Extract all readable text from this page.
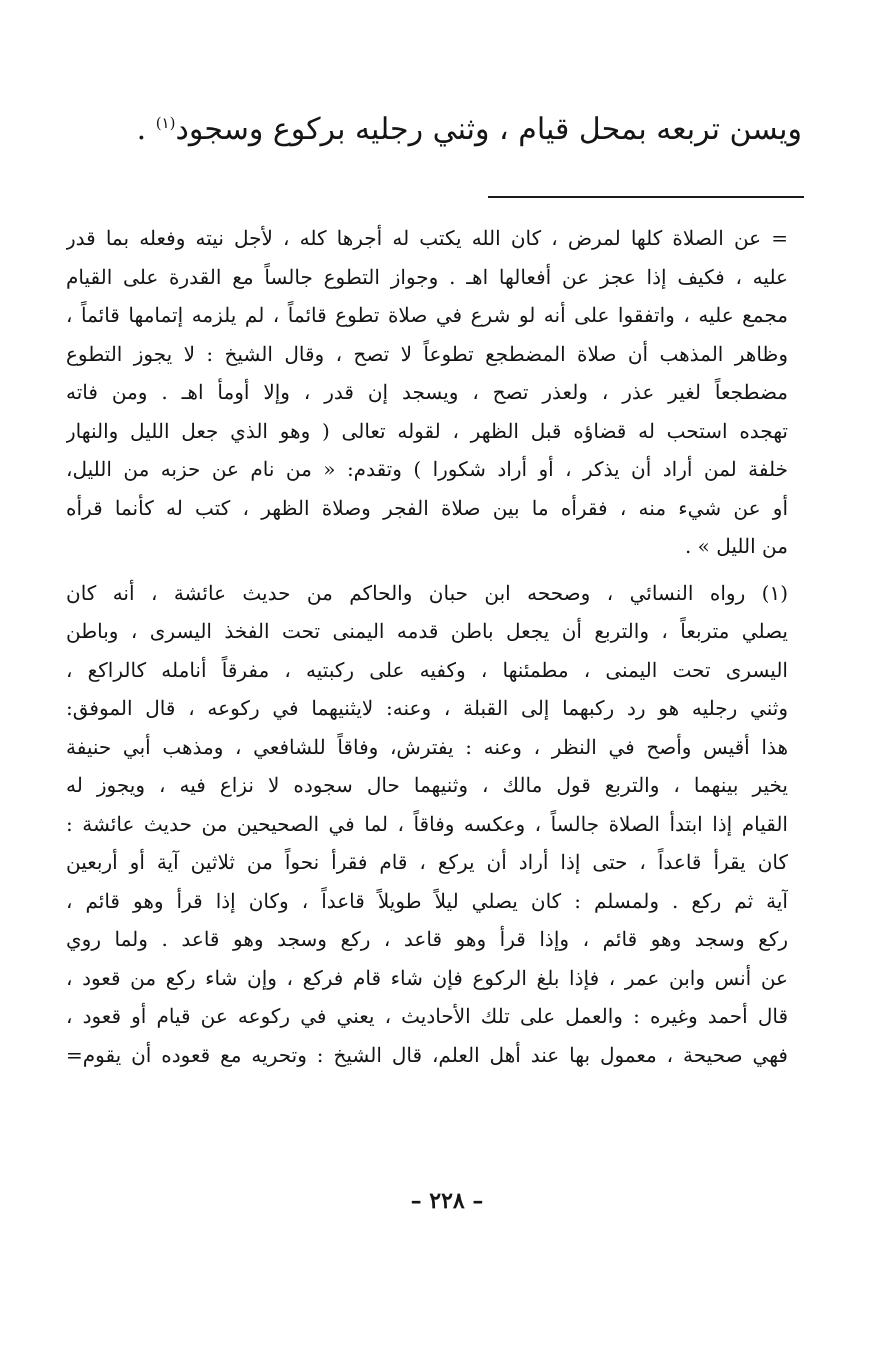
ويسن تربعه بمحل قيام ، وثني رجليه بركوع وسجود$^{(١)}$ .
= عن الصلاة كلها لمرض ، كان الله يكتب له أجرها كله ، لأجل نيته وفعله بما قدر
عليه ، فكيف إذا عجز عن أفعالها اهـ . وجواز التطوع جالساً مع القدرة على القيام
مجمع عليه ، واتفقوا على أنه لو شرع في صلاة تطوع قائماً ، لم يلزمه إتمامها قائماً ،
وظاهر المذهب أن صلاة المضطجع تطوعاً لا تصح ، وقال الشيخ : لا يجوز التطوع
مضطجعاً لغير عذر ، ولعذر تصح ، ويسجد إن قدر ، وإلا أومأ اهـ . ومن فاته
تهجده استحب له قضاؤه قبل الظهر ، لقوله تعالى ( وهو الذي جعل الليل والنهار
خلفة لمن أراد أن يذكر ، أو أراد شكورا ) وتقدم: « من نام عن حزبه من الليل،
أو عن شيء منه ، فقرأه ما بين صلاة الفجر وصلاة الظهر ، كتب له كأنما قرأه
من الليل » .
(١) رواه النسائي ، وصححه ابن حبان والحاكم من حديث عائشة ، أنه كان
يصلي متربعاً ، والتربع أن يجعل باطن قدمه اليمنى تحت الفخذ اليسرى ، وباطن
اليسرى تحت اليمنى ، مطمئنها ، وكفيه على ركبتيه ، مفرقاً أنامله كالراكع ،
وثني رجليه هو رد ركبهما إلى القبلة ، وعنه: لايثنيهما في ركوعه ، قال الموفق:
هذا أقيس وأصح في النظر ، وعنه : يفترش، وفاقاً للشافعي ، ومذهب أبي حنيفة
يخير بينهما ، والتربع قول مالك ، وثنيهما حال سجوده لا نزاع فيه ، ويجوز له
القيام إذا ابتدأ الصلاة جالساً ، وعكسه وفاقاً ، لما في الصحيحين من حديث عائشة :
كان يقرأ قاعداً ، حتى إذا أراد أن يركع ، قام فقرأ نحواً من ثلاثين آية أو أربعين
آية ثم ركع . ولمسلم : كان يصلي ليلاً طويلاً قاعداً ، وكان إذا قرأ وهو قائم ،
ركع وسجد وهو قائم ، وإذا قرأ وهو قاعد ، ركع وسجد وهو قاعد . ولما روي
عن أنس وابن عمر ، فإذا بلغ الركوع فإن شاء قام فركع ، وإن شاء ركع من قعود ،
قال أحمد وغيره : والعمل على تلك الأحاديث ، يعني في ركوعه عن قيام أو قعود ،
فهي صحيحة ، معمول بها عند أهل العلم، قال الشيخ : وتحريه مع قعوده أن يقوم=
– ٢٢٨ –
